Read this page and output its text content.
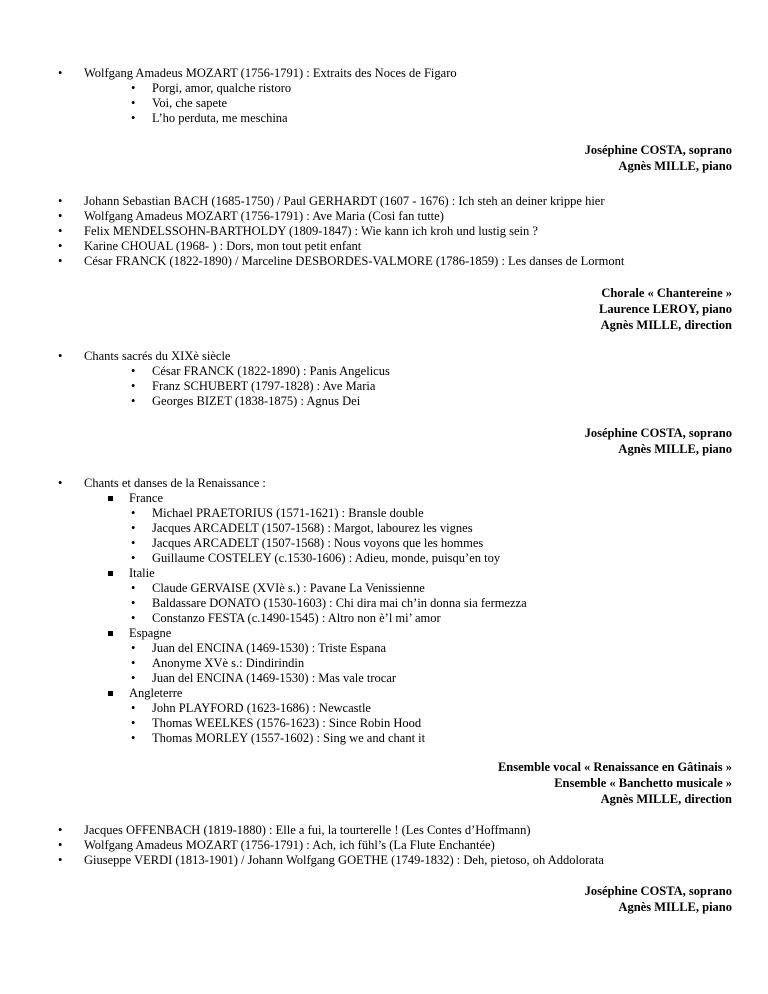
• Wolfgang Amadeus MOZART (1756-1791) : Extraits des Noces de Figaro
• Porgi, amor, qualche ristoro
• Voi, che sapete
• L’ho perduta, me meschina
Joséphine COSTA, soprano
Agnès MILLE, piano
• Johann Sebastian BACH (1685-1750) / Paul GERHARDT (1607 - 1676) : Ich steh an deiner krippe hier
• Wolfgang Amadeus MOZART (1756-1791) : Ave Maria (Cosi fan tutte)
• Felix MENDELSSOHN-BARTHOLDY (1809-1847) : Wie kann ich kroh und lustig sein ?
• Karine CHOUAL (1968- ) : Dors, mon tout petit enfant
• César FRANCK (1822-1890) / Marceline DESBORDES-VALMORE (1786-1859) : Les danses de Lormont
Chorale « Chantereine »
Laurence LEROY, piano
Agnès MILLE, direction
• Chants sacrés du XIXè siècle
• César FRANCK (1822-1890) : Panis Angelicus
• Franz SCHUBERT (1797-1828) : Ave Maria
• Georges BIZET (1838-1875) : Agnus Dei
Joséphine COSTA, soprano
Agnès MILLE, piano
• Chants et danses de la Renaissance :
France
• Michael PRAETORIUS (1571-1621) : Bransle double
• Jacques ARCADELT (1507-1568) : Margot, labourez les vignes
• Jacques ARCADELT (1507-1568) : Nous voyons que les hommes
• Guillaume COSTELEY (c.1530-1606) : Adieu, monde, puisqu’en toy
Italie
• Claude GERVAISE (XVIè s.) : Pavane La Venissienne
• Baldassare DONATO (1530-1603) : Chi dira mai ch’in donna sia fermezza
• Constanzo FESTA (c.1490-1545) : Altro non è’l mi’ amor
Espagne
• Juan del ENCINA (1469-1530) : Triste Espana
• Anonyme XVè s.: Dindirindin
• Juan del ENCINA (1469-1530) : Mas vale trocar
Angleterre
• John PLAYFORD (1623-1686) : Newcastle
• Thomas WEELKES (1576-1623) : Since Robin Hood
• Thomas MORLEY (1557-1602) : Sing we and chant it
Ensemble vocal « Renaissance en Gâtinais »
Ensemble « Banchetto musicale »
Agnès MILLE, direction
• Jacques OFFENBACH (1819-1880) : Elle a fui, la tourterelle ! (Les Contes d’Hoffmann)
• Wolfgang Amadeus MOZART (1756-1791) : Ach, ich fühl’s (La Flute Enchantée)
• Giuseppe VERDI (1813-1901) / Johann Wolfgang GOETHE (1749-1832) : Deh, pietoso, oh Addolorata
Joséphine COSTA, soprano
Agnès MILLE, piano
